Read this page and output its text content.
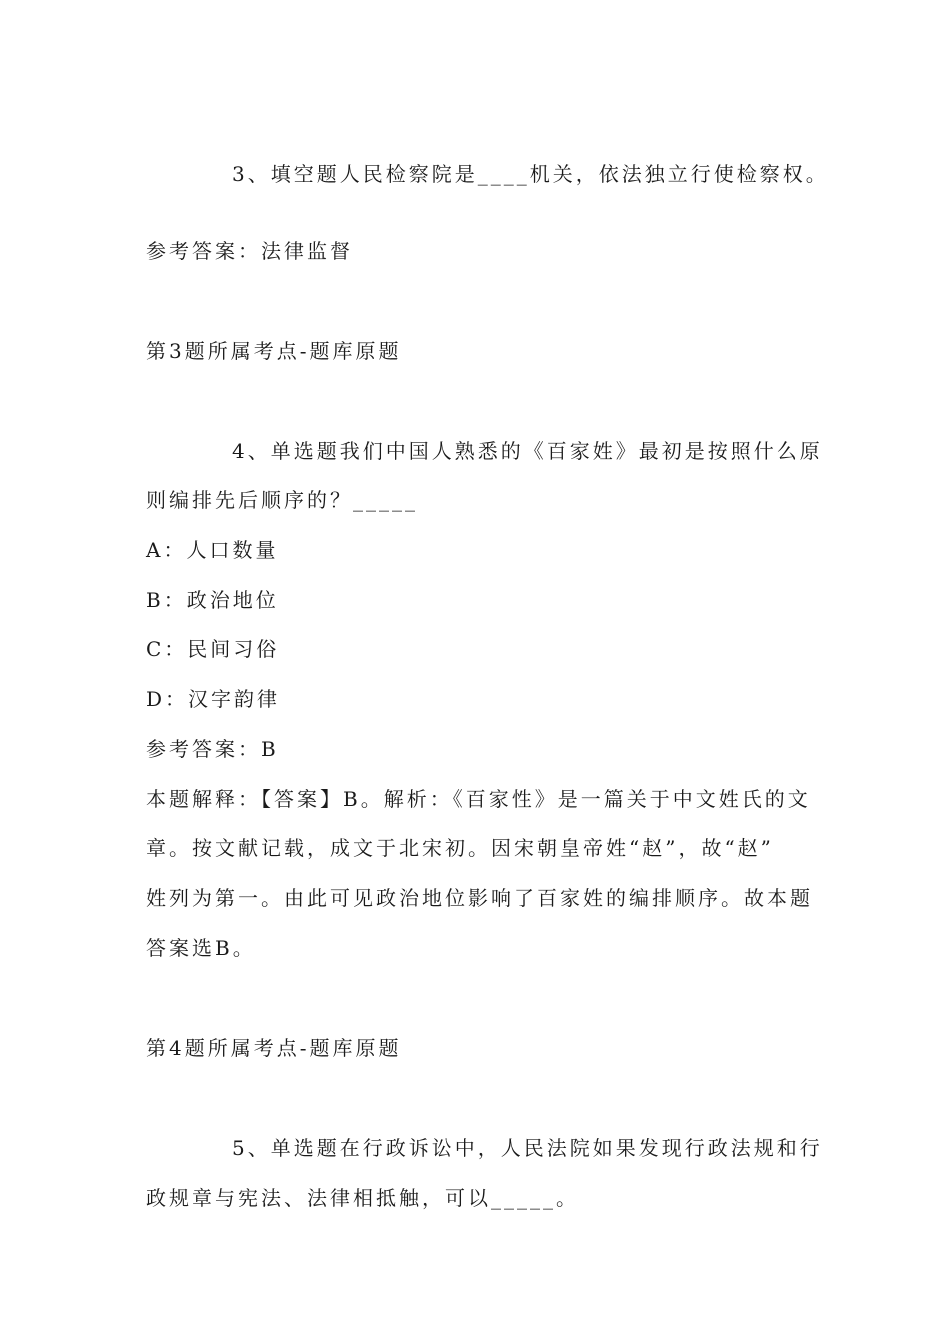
3、填空题人民检察院是____机关，依法独立行使检察权。
参考答案：法律监督
第3题所属考点-题库原题
4、单选题我们中国人熟悉的《百家姓》最初是按照什么原
则编排先后顺序的？_____
A：人口数量
B：政治地位
C：民间习俗
D：汉字韵律
参考答案：B
本题解释：【答案】B。解析：《百家性》是一篇关于中文姓氏的文
章。按文献记载，成文于北宋初。因宋朝皇帝姓“赵”，故“赵”
姓列为第一。由此可见政治地位影响了百家姓的编排顺序。故本题
答案选B。
第4题所属考点-题库原题
5、单选题在行政诉讼中，人民法院如果发现行政法规和行
政规章与宪法、法律相抵触，可以_____。
